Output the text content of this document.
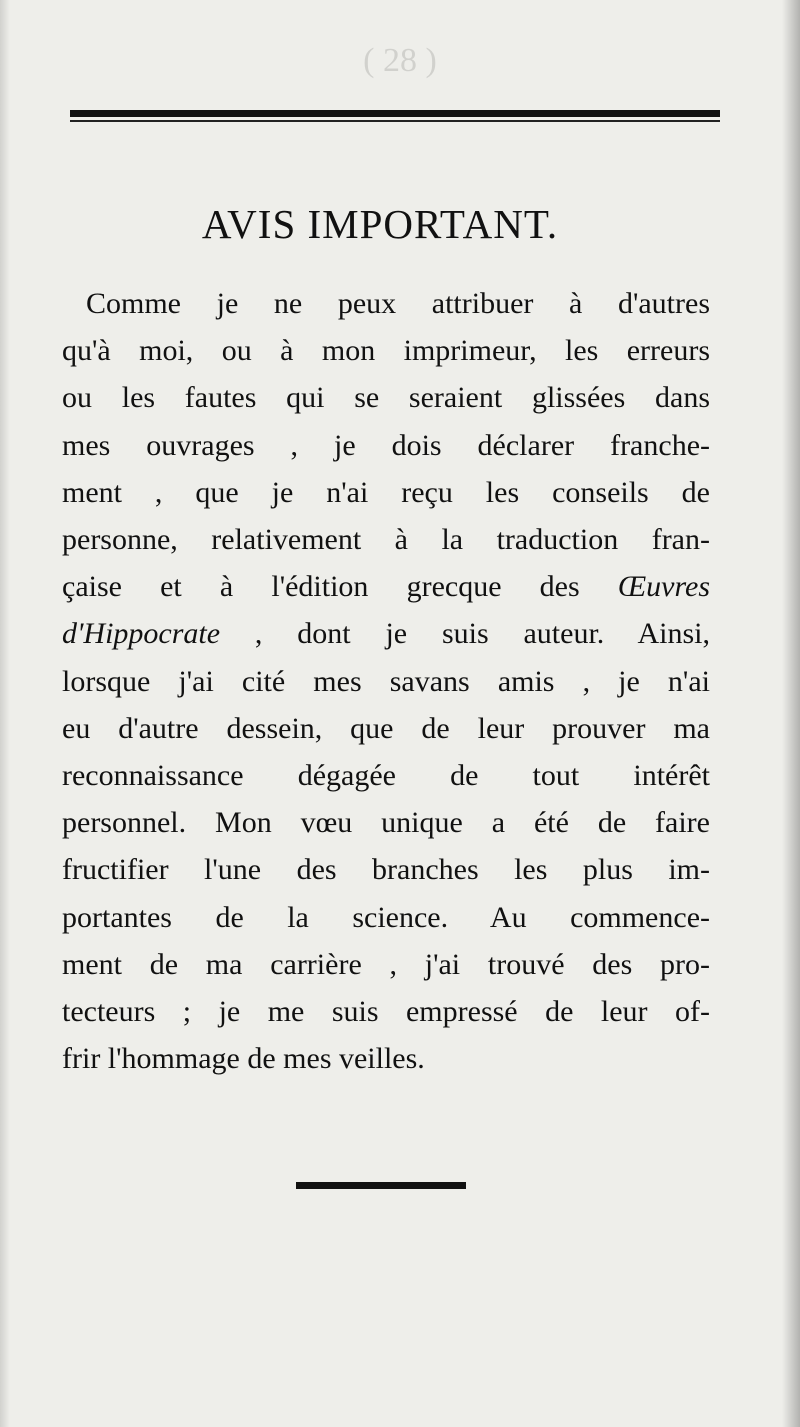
( 28 )
AVIS IMPORTANT.
Comme je ne peux attribuer à d'autres
qu'à moi, ou à mon imprimeur, les erreurs
ou les fautes qui se seraient glissées dans
mes ouvrages , je dois déclarer franche-
ment , que je n'ai reçu les conseils de
personne, relativement à la traduction fran-
çaise et à l'édition grecque des Œuvres
d'Hippocrate , dont je suis auteur. Ainsi,
lorsque j'ai cité mes savans amis , je n'ai
eu d'autre dessein, que de leur prouver ma
reconnaissance dégagée de tout intérêt
personnel. Mon vœu unique a été de faire
fructifier l'une des branches les plus im-
portantes de la science. Au commence-
ment de ma carrière , j'ai trouvé des pro-
tecteurs ; je me suis empressé de leur of-
frir l'hommage de mes veilles.
